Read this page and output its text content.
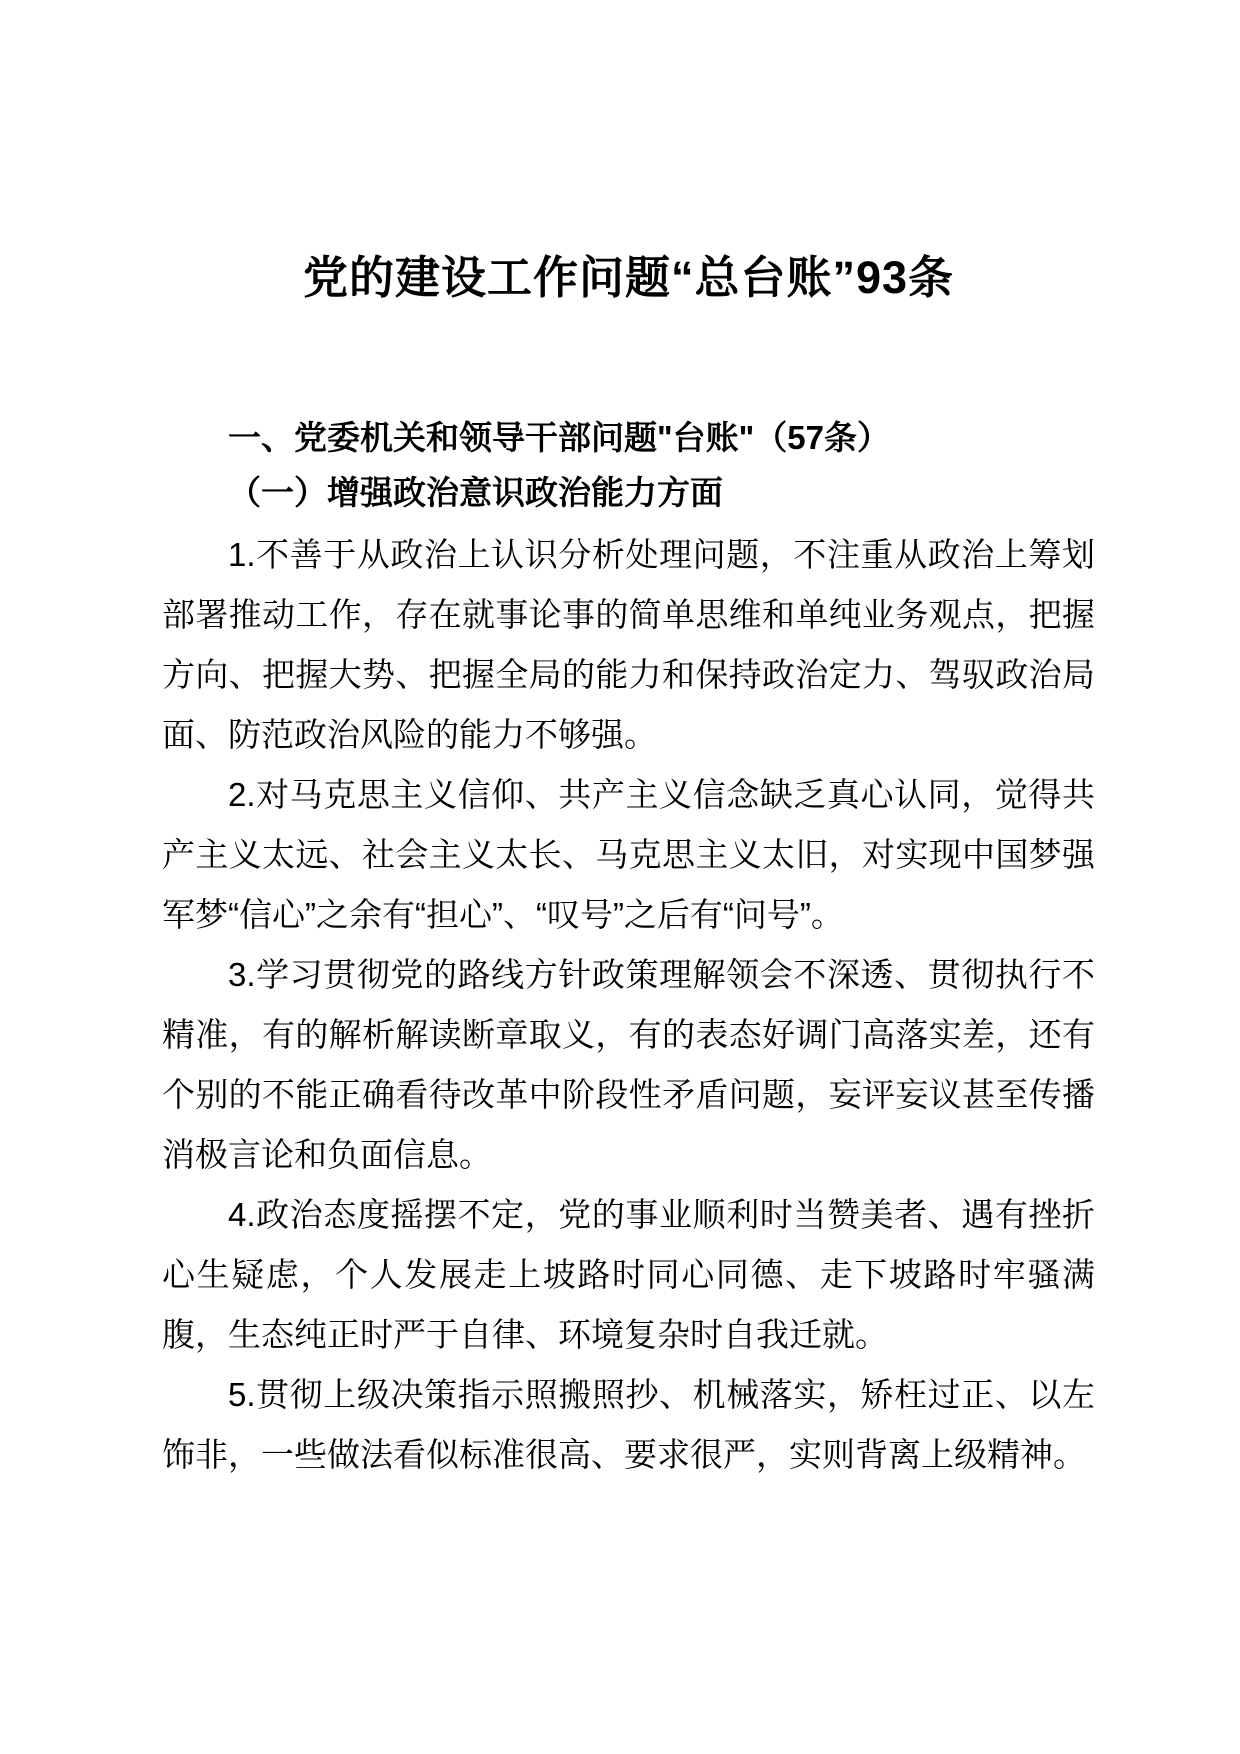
党的建设工作问题“总台账”93条
一、党委机关和领导干部问题"台账"（57条）
（一）增强政治意识政治能力方面

1.不善于从政治上认识分析处理问题，不注重从政治上筹划部署推动工作，存在就事论事的简单思维和单纯业务观点，把握方向、把握大势、把握全局的能力和保持政治定力、驾驭政治局面、防范政治风险的能力不够强。

2.对马克思主义信仰、共产主义信念缺乏真心认同，觉得共产主义太远、社会主义太长、马克思主义太旧，对实现中国梦强军梦“信心”之余有“担心”、“叹号”之后有“问号”。

3.学习贯彻党的路线方针政策理解领会不深透、贯彻执行不精准，有的解析解读断章取义，有的表态好调门高落实差，还有个别的不能正确看待改革中阶段性矛盾问题，妄评妄议甚至传播消极言论和负面信息。

4.政治态度摇摆不定，党的事业顺利时当赞美者、遇有挫折心生疑虑，个人发展走上坡路时同心同德、走下坡路时牢骚满腹，生态纯正时严于自律、环境复杂时自我迁就。

5.贯彻上级决策指示照搬照抄、机械落实，矫枉过正、以左饰非，一些做法看似标准很高、要求很严，实则背离上级精神。
